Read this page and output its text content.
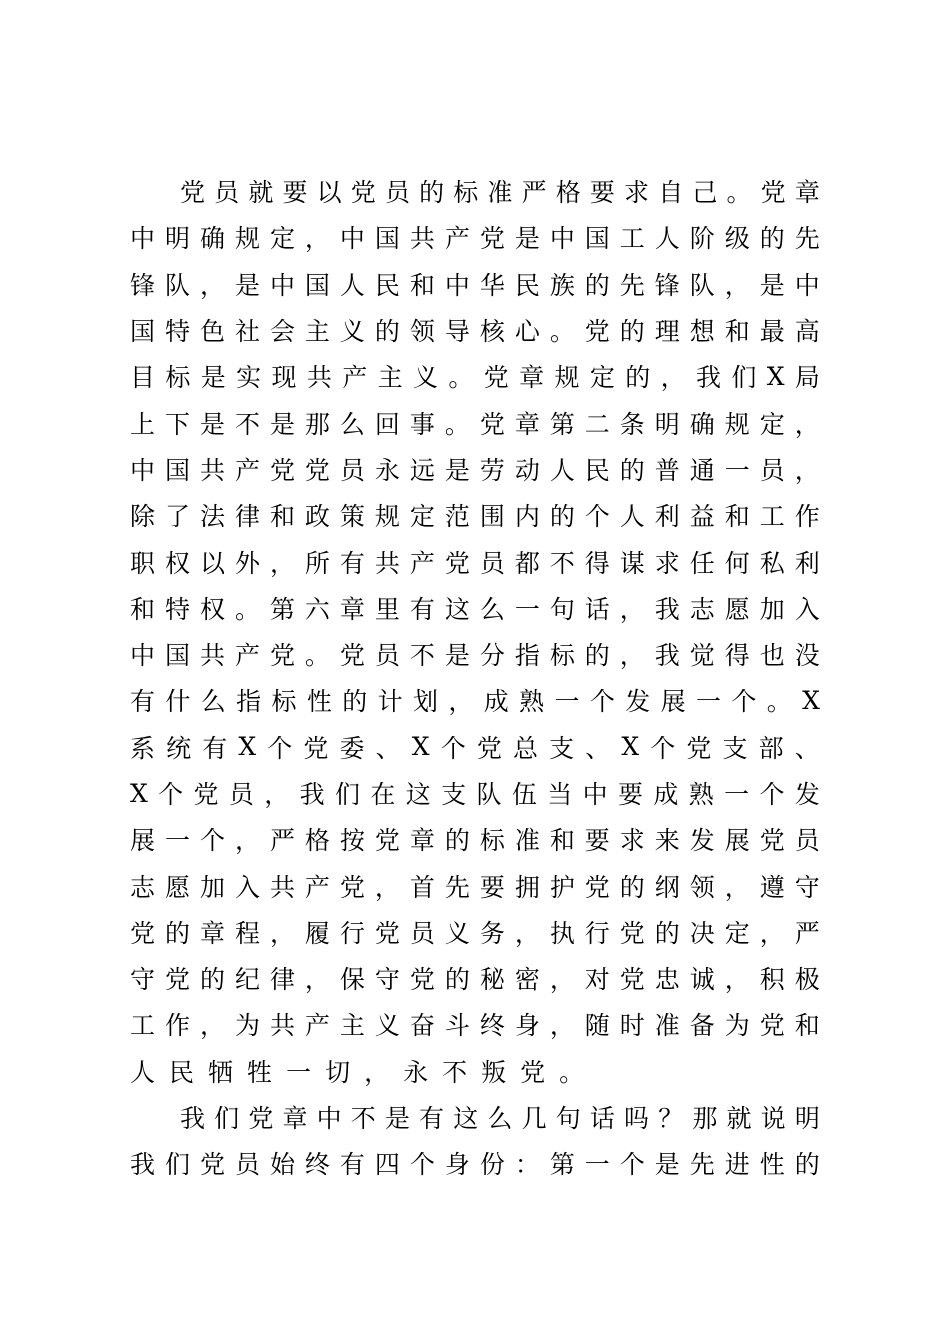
党 员 就 要 以 党 员 的 标 准 严 格 要 求 自 己 。 党 章
中 明 确 规 定 ， 中 国 共 产 党 是 中 国 工 人 阶 级 的 先
锋 队 ， 是 中 国 人 民 和 中 华 民 族 的 先 锋 队 ， 是 中
国 特 色 社 会 主 义 的 领 导 核 心 。 党 的 理 想 和 最 高
目 标 是 实 现 共 产 主 义 。 党 章 规 定 的 ， 我 们 X 局
上 下 是 不 是 那 么 回 事 。 党 章 第 二 条 明 确 规 定 ，
中 国 共 产 党 党 员 永 远 是 劳 动 人 民 的 普 通 一 员 ，
除 了 法 律 和 政 策 规 定 范 围 内 的 个 人 利 益 和 工 作
职 权 以 外 ， 所 有 共 产 党 员 都 不 得 谋 求 任 何 私 利
和 特 权 。 第 六 章 里 有 这 么 一 句 话 ， 我 志 愿 加 入
中 国 共 产 党 。 党 员 不 是 分 指 标 的 ， 我 觉 得 也 没
有 什 么 指 标 性 的 计 划 ， 成 熟 一 个 发 展 一 个 。 X
系 统 有 X 个 党 委 、 X 个 党 总 支 、 X 个 党 支 部 、
X 个 党 员 ， 我 们 在 这 支 队 伍 当 中 要 成 熟 一 个 发
展 一 个 ， 严 格 按 党 章 的 标 准 和 要 求 来 发 展 党 员
志 愿 加 入 共 产 党 ， 首 先 要 拥 护 党 的 纲 领 ， 遵 守
党 的 章 程 ， 履 行 党 员 义 务 ， 执 行 党 的 决 定 ， 严
守 党 的 纪 律 ， 保 守 党 的 秘 密 ， 对 党 忠 诚 ， 积 极
工 作 ， 为 共 产 主 义 奋 斗 终 身 ， 随 时 准 备 为 党 和
人 民 牺 牲 一 切 ， 永 不 叛 党 。
我 们 党 章 中 不 是 有 这 么 几 句 话 吗 ？ 那 就 说 明
我 们 党 员 始 终 有 四 个 身 份 ： 第 一 个 是 先 进 性 的
